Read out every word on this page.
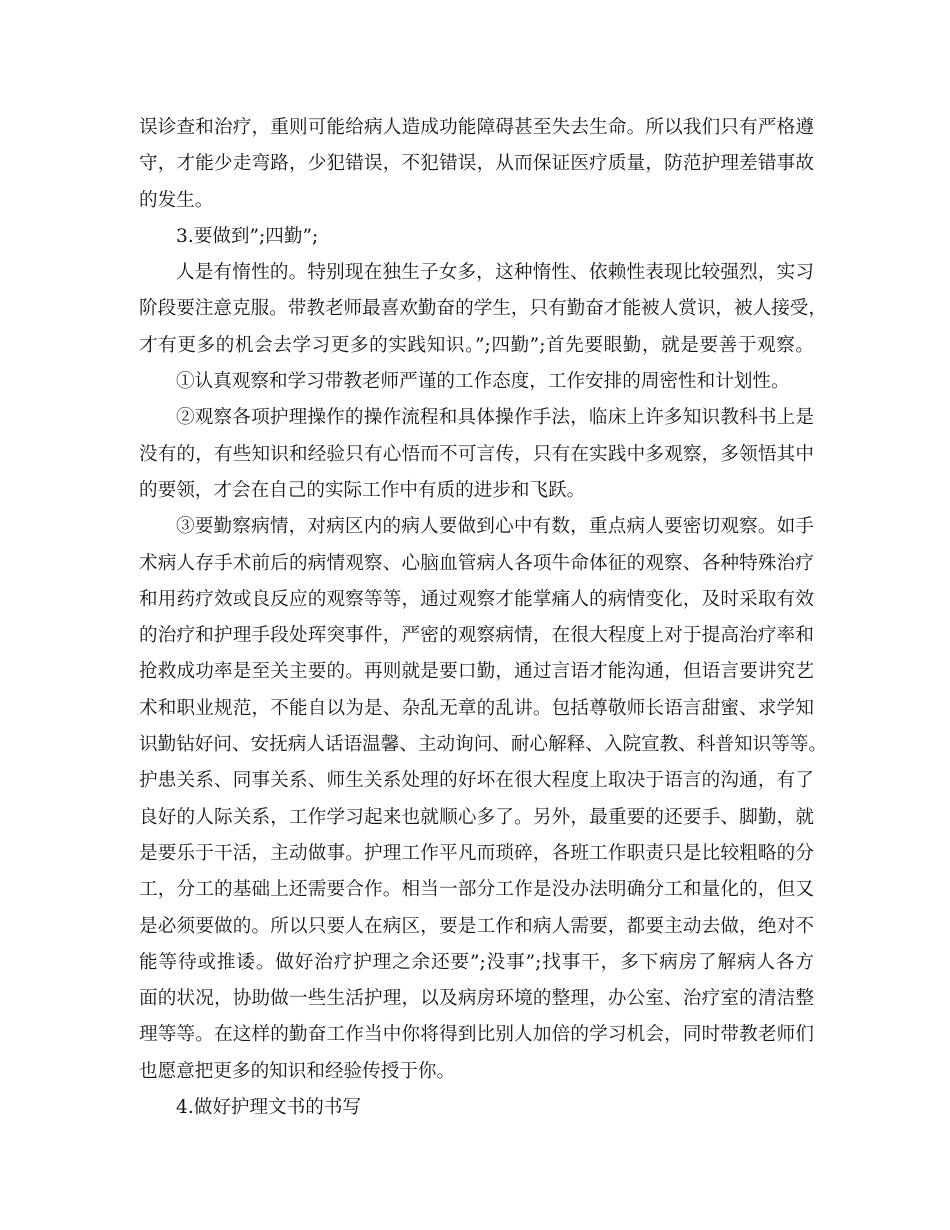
误诊查和治疗，重则可能给病人造成功能障碍甚至失去生命。所以我们只有严格遵
守，才能少走弯路，少犯错误，不犯错误，从而保证医疗质量，防范护理差错事故
的发生。
3.要做到”;四勤”;
人是有惰性的。特别现在独生子女多，这种惰性、依赖性表现比较强烈，实习
阶段要注意克服。带教老师最喜欢勤奋的学生，只有勤奋才能被人赏识，被人接受，
才有更多的机会去学习更多的实践知识。”;四勤”;首先要眼勤，就是要善于观察。
①认真观察和学习带教老师严谨的工作态度，工作安排的周密性和计划性。
②观察各项护理操作的操作流程和具体操作手法，临床上许多知识教科书上是
没有的，有些知识和经验只有心悟而不可言传，只有在实践中多观察，多领悟其中
的要领，才会在自己的实际工作中有质的进步和飞跃。
③要勤察病情，对病区内的病人要做到心中有数，重点病人要密切观察。如手
术病人存手术前后的病情观察、心脑血管病人各项牛命体征的观察、各种特殊治疗
和用药疗效或良反应的观察等等，通过观察才能掌痛人的病情变化，及时采取有效
的治疗和护理手段处珲突事件，严密的观察病情，在很大程度上对于提高治疗率和
抢救成功率是至关主要的。再则就是要口勤，通过言语才能沟通，但语言要讲究艺
术和职业规范，不能自以为是、杂乱无章的乱讲。包括尊敬师长语言甜蜜、求学知
识勤钻好问、安抚病人话语温馨、主动询问、耐心解释、入院宣教、科普知识等等。
护患关系、同事关系、师生关系处理的好坏在很大程度上取决于语言的沟通，有了
良好的人际关系，工作学习起来也就顺心多了。另外，最重要的还要手、脚勤，就
是要乐于干活，主动做事。护理工作平凡而琐碎，各班工作职责只是比较粗略的分
工，分工的基础上还需要合作。相当一部分工作是没办法明确分工和量化的，但又
是必须要做的。所以只要人在病区，要是工作和病人需要，都要主动去做，绝对不
能等待或推诿。做好治疗护理之余还要”;没事”;找事干，多下病房了解病人各方
面的状况，协助做一些生活护理，以及病房环境的整理，办公室、治疗室的清洁整
理等等。在这样的勤奋工作当中你将得到比别人加倍的学习机会，同时带教老师们
也愿意把更多的知识和经验传授于你。
4.做好护理文书的书写
